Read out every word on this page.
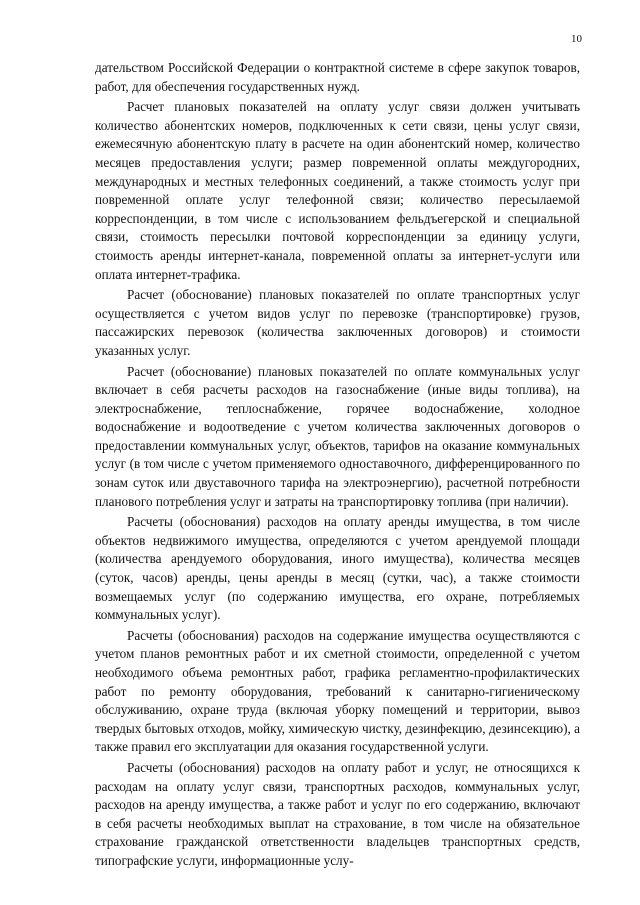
10

дательством Российской Федерации о контрактной системе в сфере закупок товаров, работ, для обеспечения государственных нужд.

Расчет плановых показателей на оплату услуг связи должен учитывать количество абонентских номеров, подключенных к сети связи, цены услуг связи, ежемесячную абонентскую плату в расчете на один абонентский номер, количество месяцев предоставления услуги; размер повременной оплаты междугородних, международных и местных телефонных соединений, а также стоимость услуг при повременной оплате услуг телефонной связи; количество пересылаемой корреспонденции, в том числе с использованием фельдъегерской и специальной связи, стоимость пересылки почтовой корреспонденции за единицу услуги, стоимость аренды интернет-канала, повременной оплаты за интернет-услуги или оплата интернет-трафика.

Расчет (обоснование) плановых показателей по оплате транспортных услуг осуществляется с учетом видов услуг по перевозке (транспортировке) грузов, пассажирских перевозок (количества заключенных договоров) и стоимости указанных услуг.

Расчет (обоснование) плановых показателей по оплате коммунальных услуг включает в себя расчеты расходов на газоснабжение (иные виды топлива), на электроснабжение, теплоснабжение, горячее водоснабжение, холодное водоснабжение и водоотведение с учетом количества заключенных договоров о предоставлении коммунальных услуг, объектов, тарифов на оказание коммунальных услуг (в том числе с учетом применяемого одноставочного, дифференцированного по зонам суток или двуставочного тарифа на электроэнергию), расчетной потребности планового потребления услуг и затраты на транспортировку топлива (при наличии).

Расчеты (обоснования) расходов на оплату аренды имущества, в том числе объектов недвижимого имущества, определяются с учетом арендуемой площади (количества арендуемого оборудования, иного имущества), количества месяцев (суток, часов) аренды, цены аренды в месяц (сутки, час), а также стоимости возмещаемых услуг (по содержанию имущества, его охране, потребляемых коммунальных услуг).

Расчеты (обоснования) расходов на содержание имущества осуществляются с учетом планов ремонтных работ и их сметной стоимости, определенной с учетом необходимого объема ремонтных работ, графика регламентно-профилактических работ по ремонту оборудования, требований к санитарно-гигиеническому обслуживанию, охране труда (включая уборку помещений и территории, вывоз твердых бытовых отходов, мойку, химическую чистку, дезинфекцию, дезинсекцию), а также правил его эксплуатации для оказания государственной услуги.

Расчеты (обоснования) расходов на оплату работ и услуг, не относящихся к расходам на оплату услуг связи, транспортных расходов, коммунальных услуг, расходов на аренду имущества, а также работ и услуг по его содержанию, включают в себя расчеты необходимых выплат на страхование, в том числе на обязательное страхование гражданской ответственности владельцев транспортных средств, типографские услуги, информационные услу-
